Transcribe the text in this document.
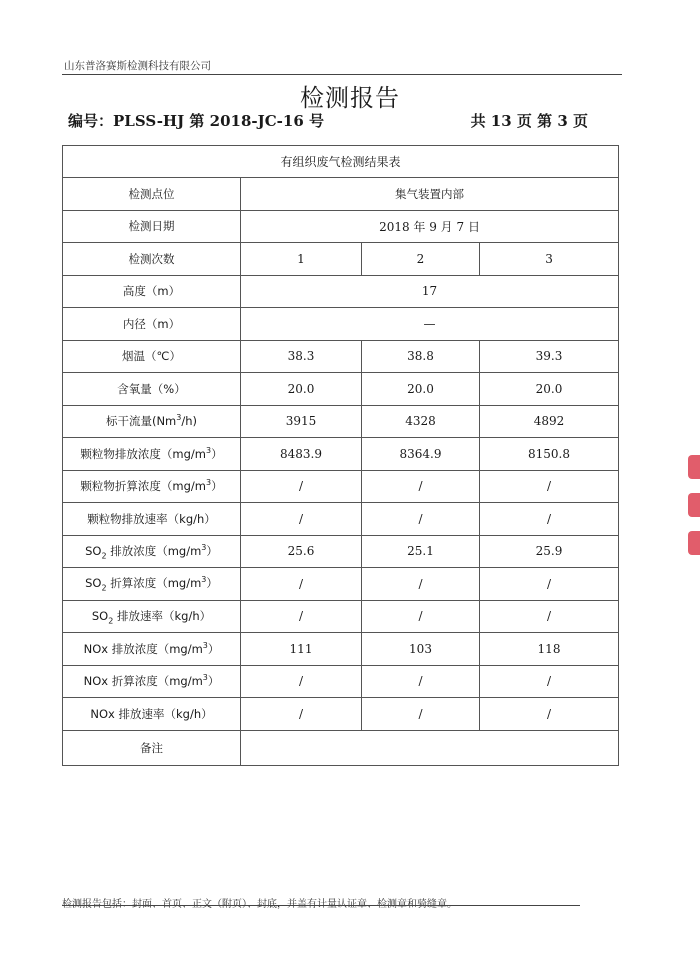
山东普洛赛斯检测科技有限公司
检测报告
编号：PLSS-HJ 第 2018-JC-16 号	共 13 页 第 3 页
有组织废气检测结果表			
检测点位	集气装置内部		
检测日期	2018 年 9 月 7 日		
检测次数	1	2	3
高度（m）	17		
内径（m）	—		
烟温（℃）	38.3	38.8	39.3
含氧量（%）	20.0	20.0	20.0
标干流量(Nm$^3$/h)	3915	4328	4892
颗粒物排放浓度$(mg/m^3)$	8483.9	8364.9	8150.8
颗粒物折算浓度$(mg/m^3)$	/	/	/
颗粒物排放速率（kg/h）	/	/	/
$SO_2$ 排放浓度$(mg/m^3)$	25.6	25.1	25.9
$SO_2$ 折算浓度$(mg/m^3)$	/	/	/
$SO_2$ 排放速率（kg/h）	/	/	/
NOx 排放浓度$(mg/m^3)$	111	103	118
NOx 折算浓度$(mg/m^3)$	/	/	/
NOx 排放速率（kg/h）	/	/	/
备注			
检测报告包括：封面、首页、正文（附页）、封底，并盖有计量认证章、检测章和骑缝章。
